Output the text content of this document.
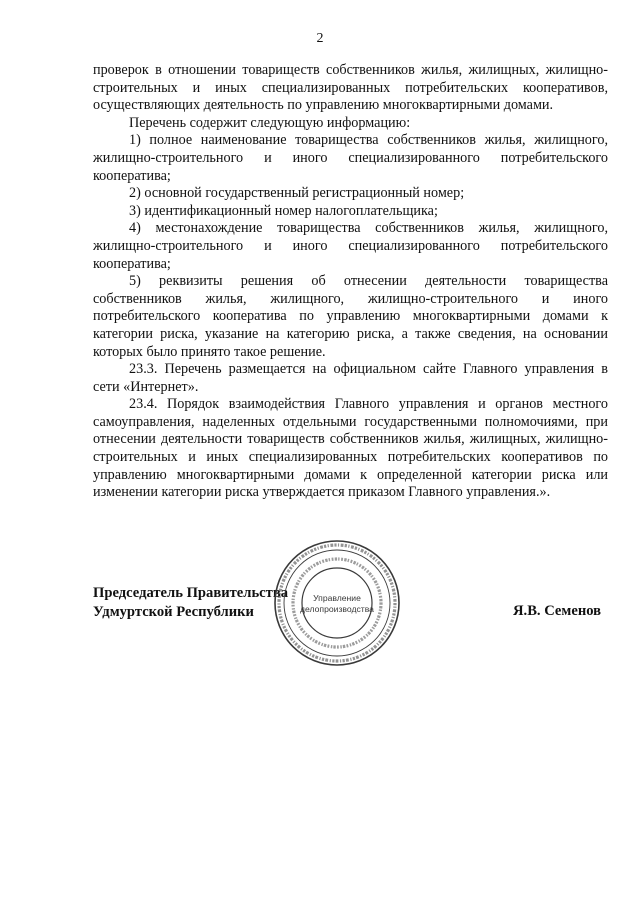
2

проверок в отношении товариществ собственников жилья, жилищных, жилищно-строительных и иных специализированных потребительских кооперативов, осуществляющих деятельность по управлению многоквартирными домами.

Перечень содержит следующую информацию:

1) полное наименование товарищества собственников жилья, жилищного, жилищно-строительного и иного специализированного потребительского кооператива;

2) основной государственный регистрационный номер;

3) идентификационный номер налогоплательщика;

4) местонахождение товарищества собственников жилья, жилищного, жилищно-строительного и иного специализированного потребительского кооператива;

5) реквизиты решения об отнесении деятельности товарищества собственников жилья, жилищного, жилищно-строительного и иного потребительского кооператива по управлению многоквартирными домами к категории риска, указание на категорию риска, а также сведения, на основании которых было принято такое решение.

23.3. Перечень размещается на официальном сайте Главного управления в сети «Интернет».

23.4. Порядок взаимодействия Главного управления и органов местного самоуправления, наделенных отдельными государственными полномочиями, при отнесении деятельности товариществ собственников жилья, жилищных, жилищно-строительных и иных специализированных потребительских кооперативов по управлению многоквартирными домами к определенной категории риска или изменении категории риска утверждается приказом Главного управления.».

Председатель Правительства
Удмуртской Республики	Я.В. Семенов
Управление
делопроизводства
